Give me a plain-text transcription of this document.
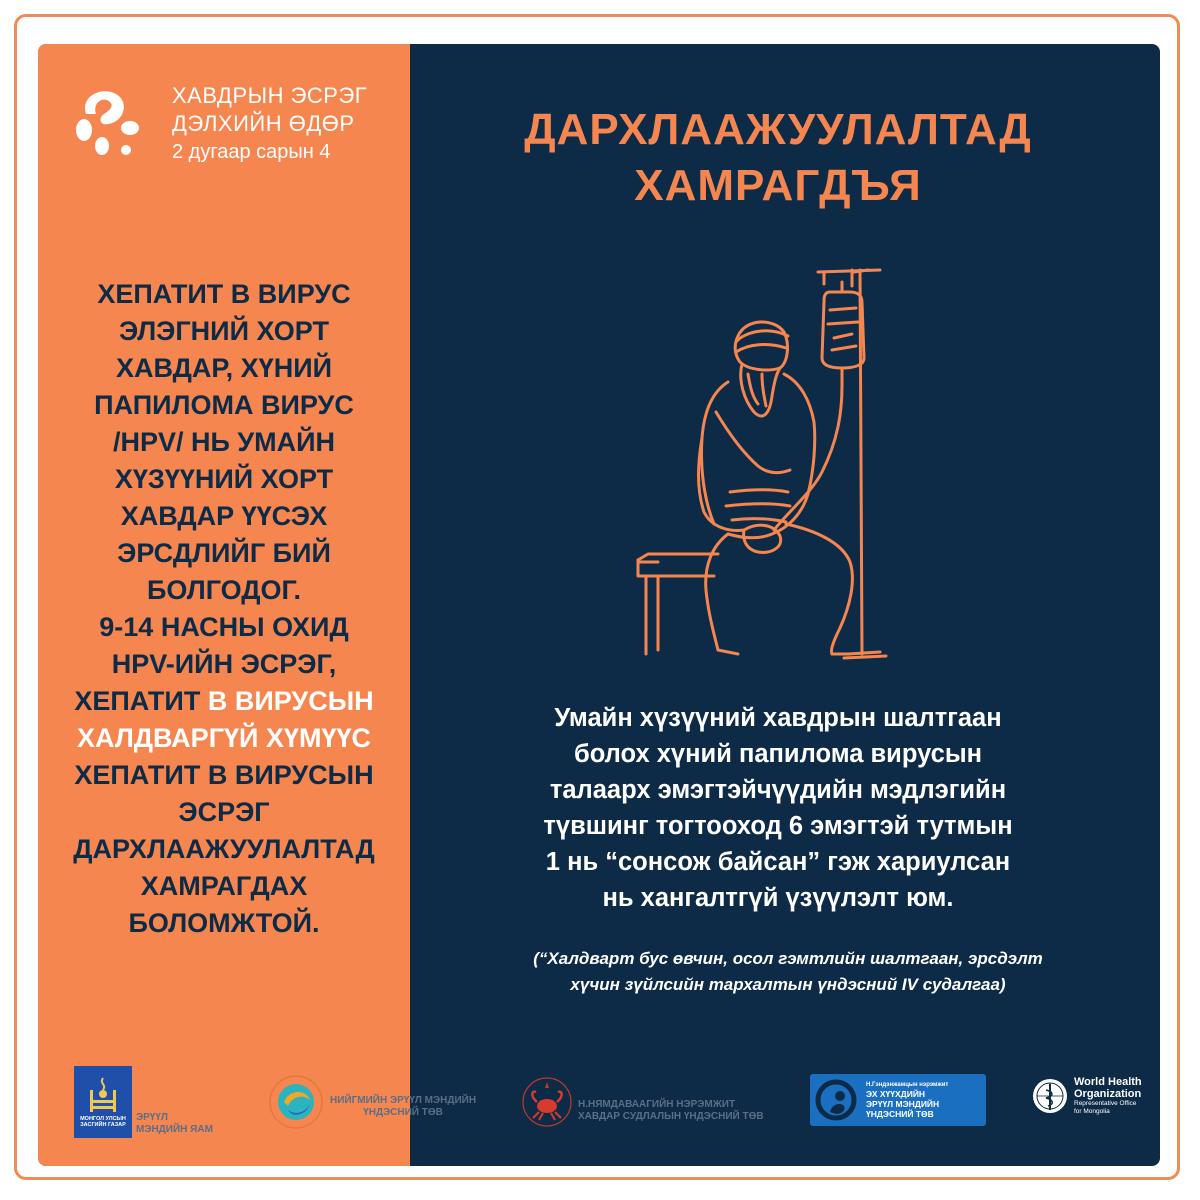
ХАВДРЫН ЭСРЭГ
ДЭЛХИЙН ӨДӨР
2 дугаар сарын 4
ХЕПАТИТ В ВИРУС
ЭЛЭГНИЙ ХОРТ
ХАВДАР, ХҮНИЙ
ПАПИЛОМА ВИРУС
/HPV/ НЬ УМАЙН
ХҮЗҮҮНИЙ ХОРТ
ХАВДАР ҮҮСЭХ
ЭРСДЛИЙГ БИЙ
БОЛГОДОГ.
9-14 НАСНЫ ОХИД
HPV-ИЙН ЭСРЭГ,
ХЕПАТИТ В ВИРУСЫН
ХАЛДВАРГҮЙ ХҮМҮҮС
ХЕПАТИТ В ВИРУСЫН
ЭСРЭГ
ДАРХЛААЖУУЛАЛТАД
ХАМРАГДАХ
БОЛОМЖТОЙ.
ДАРХЛААЖУУЛАЛТАД
ХАМРАГДЪЯ
Умайн хүзүүний хавдрын шалтгаан
болох хүний папилома вирусын
талаарх эмэгтэйчүүдийн мэдлэгийн
түвшинг тогтооход 6 эмэгтэй тутмын
1 нь “сонсож байсан” гэж хариулсан
нь хангалтгүй үзүүлэлт юм.
(“Халдварт бус өвчин, осол гэмтлийн шалтгаан, эрсдэлт
хүчин зүйлсийн тархалтын үндэсний IV судалгаа)
МОНГОЛ УЛСЫН ЗАСГИЙН ГАЗАР
ЭРҮҮЛ
МЭНДИЙН ЯАМ
НИЙГМИЙН ЭРҮҮЛ МЭНДИЙН
ҮНДЭСНИЙ ТӨВ
Н.НЯМДАВААГИЙН НЭРЭМЖИТ
ХАВДАР СУДЛАЛЫН ҮНДЭСНИЙ ТӨВ
Н.Гэндэнжамцын нэрэмжит
ЭХ ХҮҮХДИЙН
ЭРҮҮЛ МЭНДИЙН
ҮНДЭСНИЙ ТӨВ
World Health
Organization
Representative Office
for Mongolia
